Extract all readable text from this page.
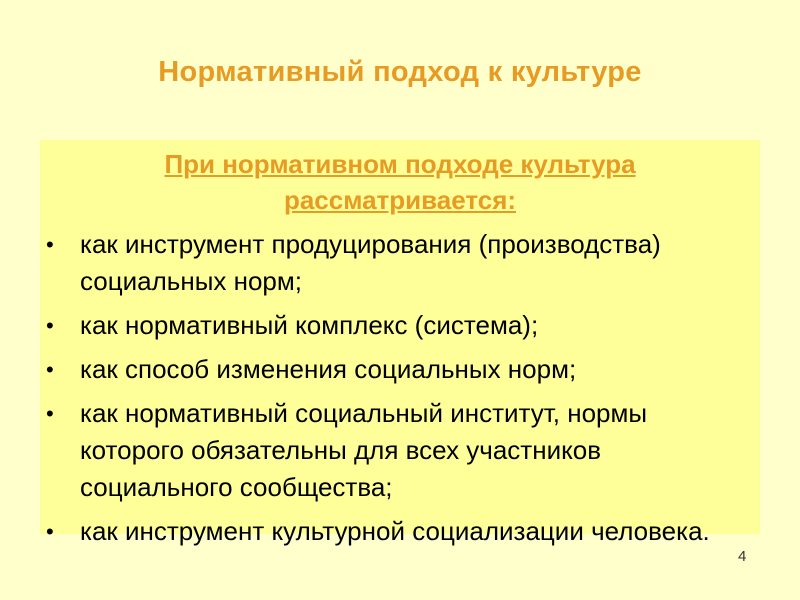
Нормативный подход к культуре
При нормативном подходе культура рассматривается:
• как инструмент продуцирования (производства) социальных норм;
• как нормативный комплекс (система);
• как способ изменения социальных норм;
• как нормативный социальный институт, нормы которого обязательны для всех участников социального сообщества;
• как инструмент культурной социализации человека.
4
